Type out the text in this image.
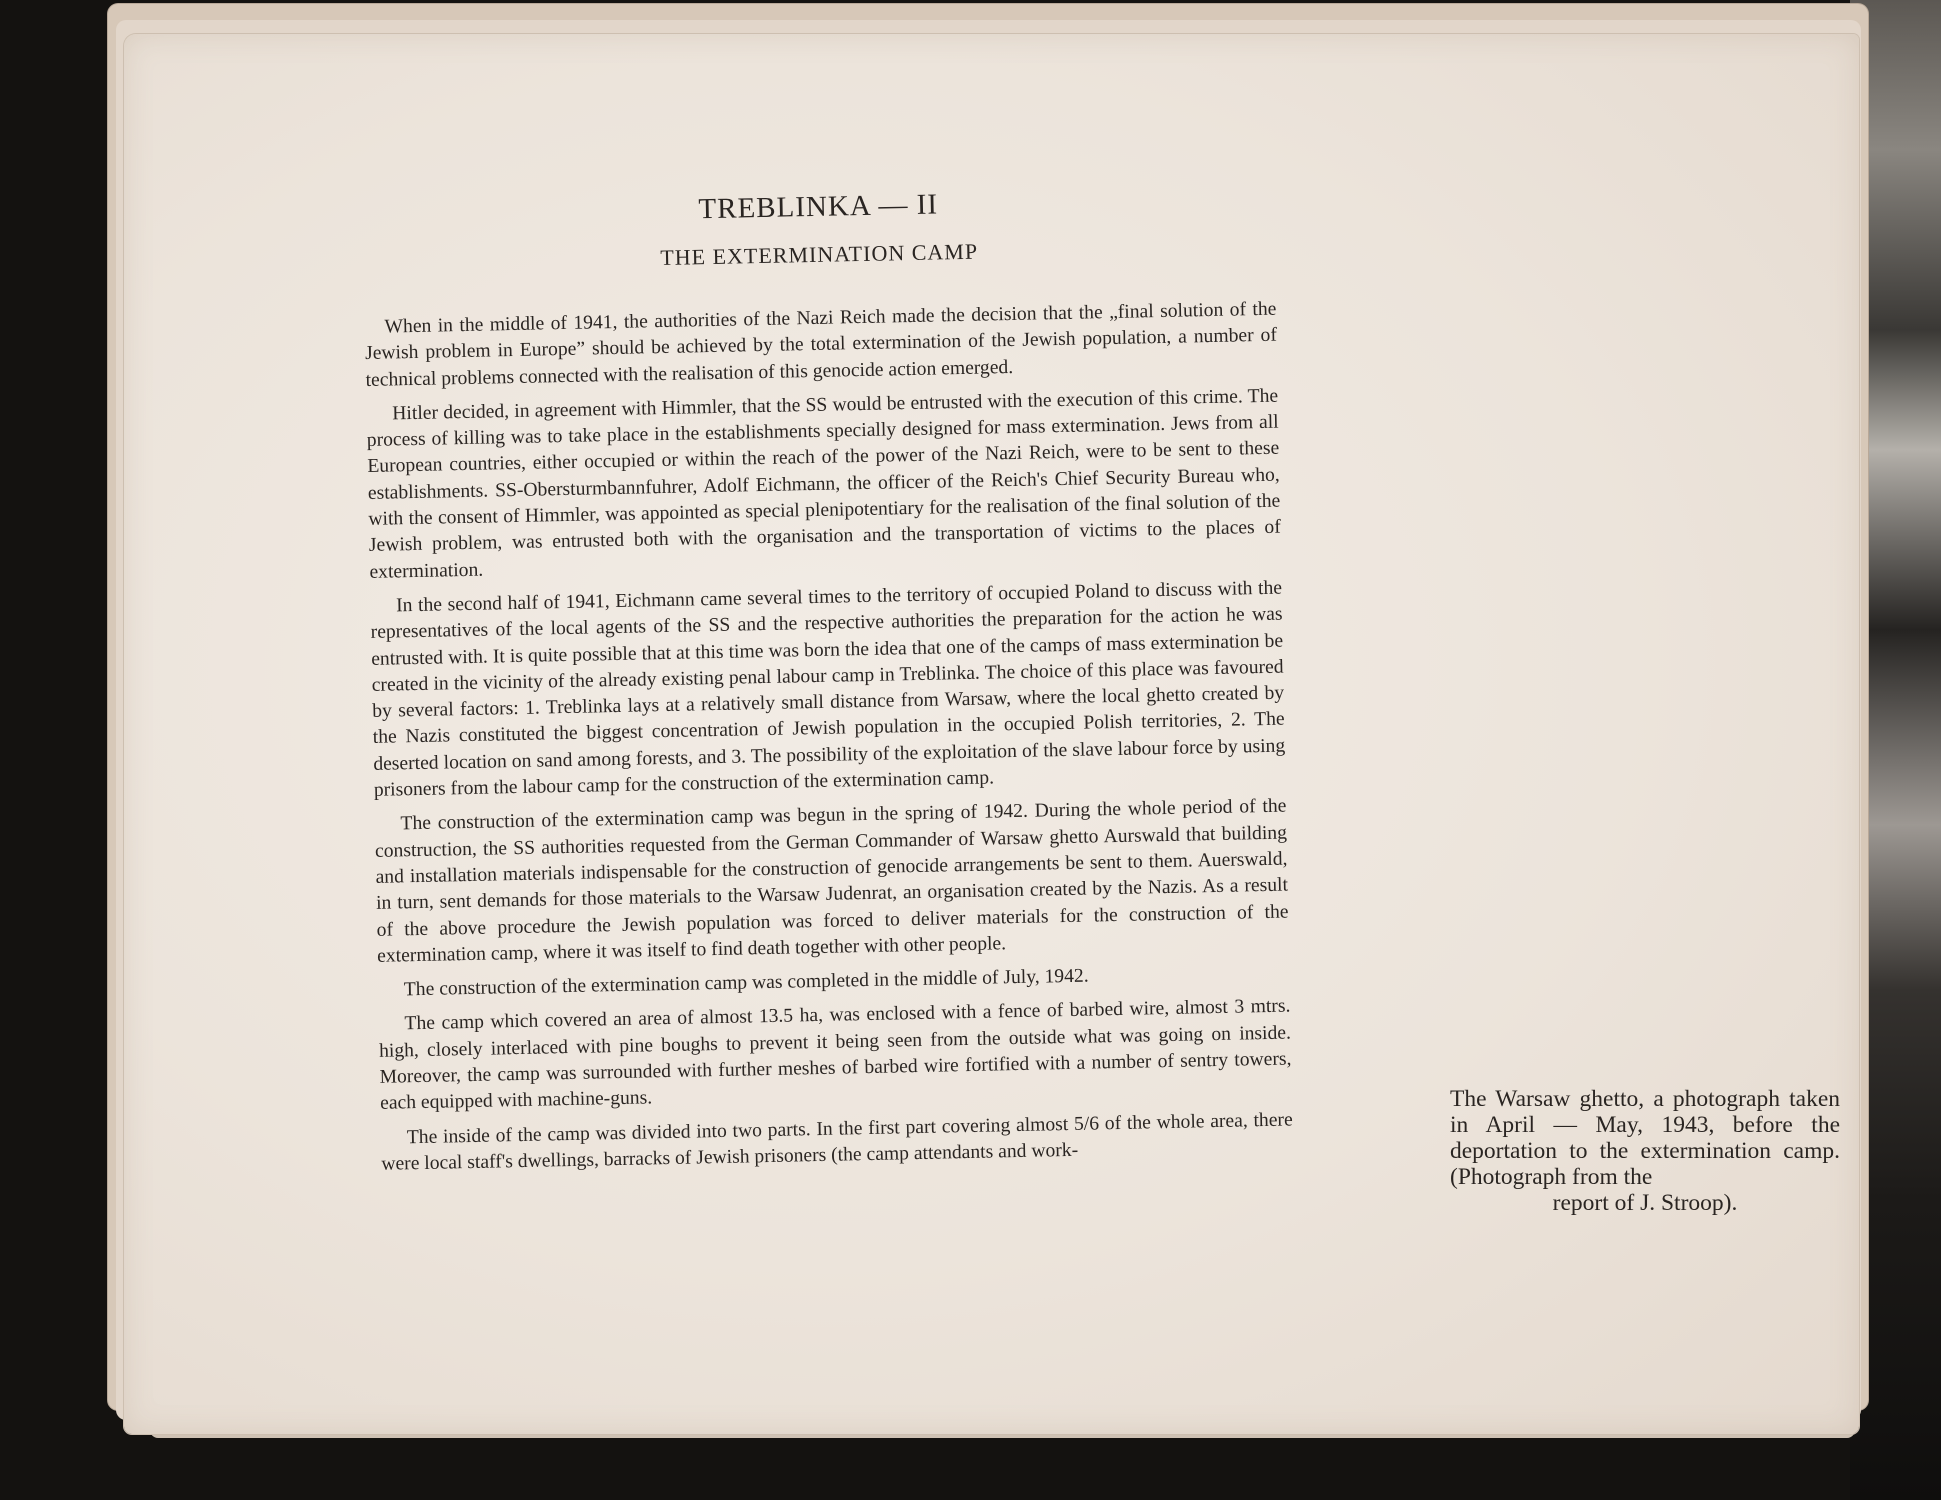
TREBLINKA — II
THE EXTERMINATION CAMP

When in the middle of 1941, the authorities of the Nazi Reich made the decision that the „final solution of the Jewish problem in Europe” should be achieved by the total extermination of the Jewish population, a number of technical problems connected with the realisation of this genocide action emerged.

Hitler decided, in agreement with Himmler, that the SS would be entrusted with the execution of this crime. The process of killing was to take place in the establishments specially designed for mass extermination. Jews from all European countries, either occupied or within the reach of the power of the Nazi Reich, were to be sent to these establishments. SS-Obersturmbannfuhrer, Adolf Eichmann, the officer of the Reich's Chief Security Bureau who, with the consent of Himmler, was appointed as special plenipotentiary for the realisation of the final solution of the Jewish problem, was entrusted both with the organisation and the transportation of victims to the places of extermination.

In the second half of 1941, Eichmann came several times to the territory of occupied Poland to discuss with the representatives of the local agents of the SS and the respective authorities the preparation for the action he was entrusted with. It is quite possible that at this time was born the idea that one of the camps of mass extermination be created in the vicinity of the already existing penal labour camp in Treblinka. The choice of this place was favoured by several factors: 1. Treblinka lays at a relatively small distance from Warsaw, where the local ghetto created by the Nazis constituted the biggest concentration of Jewish population in the occupied Polish territories, 2. The deserted location on sand among forests, and 3. The possibility of the exploitation of the slave labour force by using prisoners from the labour camp for the construction of the extermination camp.

The construction of the extermination camp was begun in the spring of 1942. During the whole period of the construction, the SS authorities requested from the German Commander of Warsaw ghetto Aurswald that building and installation materials indispensable for the construction of genocide arrangements be sent to them. Auerswald, in turn, sent demands for those materials to the Warsaw Judenrat, an organisation created by the Nazis. As a result of the above procedure the Jewish population was forced to deliver materials for the construction of the extermination camp, where it was itself to find death together with other people.

The construction of the extermination camp was completed in the middle of July, 1942.

The camp which covered an area of almost 13.5 ha, was enclosed with a fence of barbed wire, almost 3 mtrs. high, closely interlaced with pine boughs to prevent it being seen from the outside what was going on inside. Moreover, the camp was surrounded with further meshes of barbed wire fortified with a number of sentry towers, each equipped with machine-guns.

The inside of the camp was divided into two parts. In the first part covering almost 5/6 of the whole area, there were local staff's dwellings, barracks of Jewish prisoners (the camp attendants and work-

The Warsaw ghetto, a photograph taken in April — May, 1943, before the deportation to the extermination camp. (Photograph from the
report of J. Stroop).
